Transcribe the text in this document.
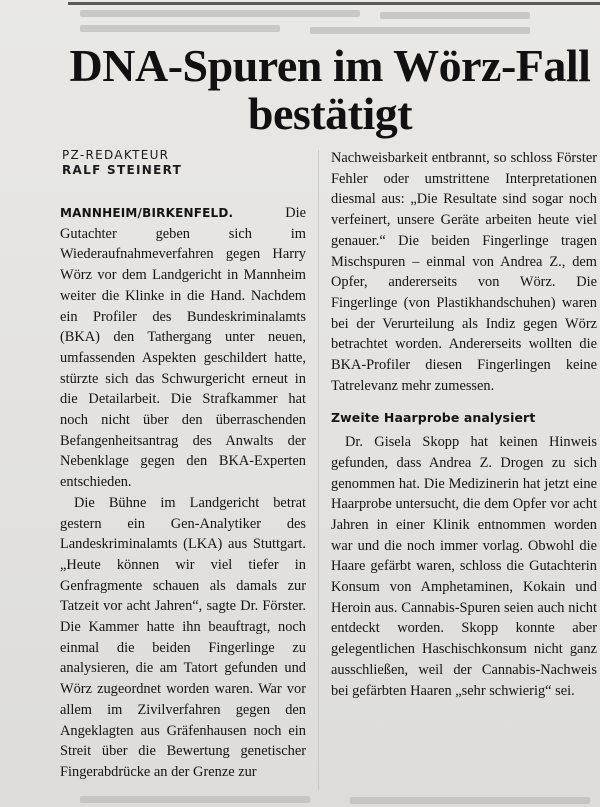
DNA-Spuren im Wörz-Fall bestätigt
PZ-REDAKTEUR
RALF STEINERT

MANNHEIM/BIRKENFELD.	Die Gutachter geben sich im Wiederaufnahmeverfahren gegen Harry Wörz vor dem Landgericht in Mannheim weiter die Klinke in die Hand. Nachdem ein Profiler des Bundeskriminalamts (BKA) den Tathergang unter neuen, umfassenden Aspekten geschildert hatte, stürzte sich das Schwurgericht erneut in die Detailarbeit. Die Strafkammer hat noch nicht über den überraschenden Befangenheitsantrag des Anwalts der Nebenklage gegen den BKA-Experten entschieden.

Die Bühne im Landgericht betrat gestern ein Gen-Analytiker des Landeskriminalamts (LKA) aus Stuttgart. „Heute können wir viel tiefer in Genfragmente schauen als damals zur Tatzeit vor acht Jahren“, sagte Dr. Förster. Die Kammer hatte ihn beauftragt, noch einmal die beiden Fingerlinge zu analysieren, die am Tatort gefunden und Wörz zugeordnet worden waren. War vor allem im Zivilverfahren gegen den Angeklagten aus Gräfenhausen noch ein Streit über die Bewertung genetischer Fingerabdrücke an der Grenze zur

Nachweisbarkeit entbrannt, so schloss Förster Fehler oder umstrittene Interpretationen diesmal aus: „Die Resultate sind sogar noch verfeinert, unsere Geräte arbeiten heute viel genauer.“ Die beiden Fingerlinge tragen Mischspuren – einmal von Andrea Z., dem Opfer, andererseits von Wörz. Die Fingerlinge (von Plastikhandschuhen) waren bei der Verurteilung als Indiz gegen Wörz betrachtet worden. Andererseits wollten die BKA-Profiler diesen Fingerlingen keine Tatrelevanz mehr zumessen.

Zweite Haarprobe analysiert

Dr. Gisela Skopp hat keinen Hinweis gefunden, dass Andrea Z. Drogen zu sich genommen hat. Die Medizinerin hat jetzt eine Haarprobe untersucht, die dem Opfer vor acht Jahren in einer Klinik entnommen worden war und die noch immer vorlag. Obwohl die Haare gefärbt waren, schloss die Gutachterin Konsum von Amphetaminen, Kokain und Heroin aus. Cannabis-Spuren seien auch nicht entdeckt worden. Skopp konnte aber gelegentlichen Haschischkonsum nicht ganz ausschließen, weil der Cannabis-Nachweis bei gefärbten Haaren „sehr schwierig“ sei.
